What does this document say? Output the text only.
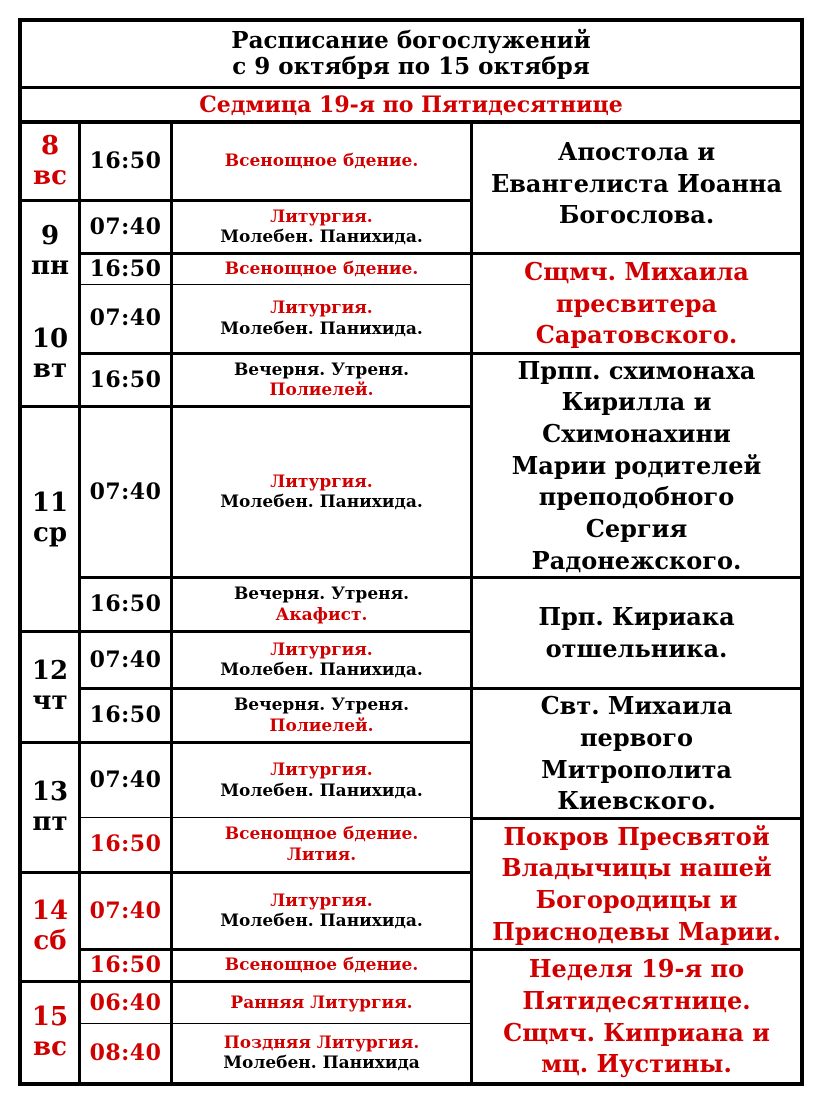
Расписание богослужений
с 9 октября по 15 октября
Седмица 19-я по Пятидесятнице
8
вс
9
пн
10
вт
11
ср
12
чт
13
пт
14
сб
15
вс
16:50
07:40
16:50
07:40
16:50
07:40
16:50
07:40
16:50
07:40
16:50
07:40
16:50
06:40
08:40
Всенощное бдение.
Литургия.
Молебен. Панихида.
Всенощное бдение.
Литургия.
Молебен. Панихида.
Вечерня. Утреня.
Полиелей.
Литургия.
Молебен. Панихида.
Вечерня. Утреня.
Акафист.
Литургия.
Молебен. Панихида.
Вечерня. Утреня.
Полиелей.
Литургия.
Молебен. Панихида.
Всенощное бдение.
Лития.
Литургия.
Молебен. Панихида.
Всенощное бдение.
Ранняя Литургия.
Поздняя Литургия.
Молебен. Панихида
Апостола и
Евангелиста Иоанна
Богослова.
Сщмч. Михаила
пресвитера
Саратовского.
Прпп. схимонаха
Кирилла и
Схимонахини
Марии родителей
преподобного
Сергия
Радонежского.
Прп. Кириака
отшельника.
Свт. Михаила
первого
Митрополита
Киевского.
Покров Пресвятой
Владычицы нашей
Богородицы и
Приснодевы Марии.
Неделя 19-я по
Пятидесятнице.
Сщмч. Киприана и
мц. Иустины.
